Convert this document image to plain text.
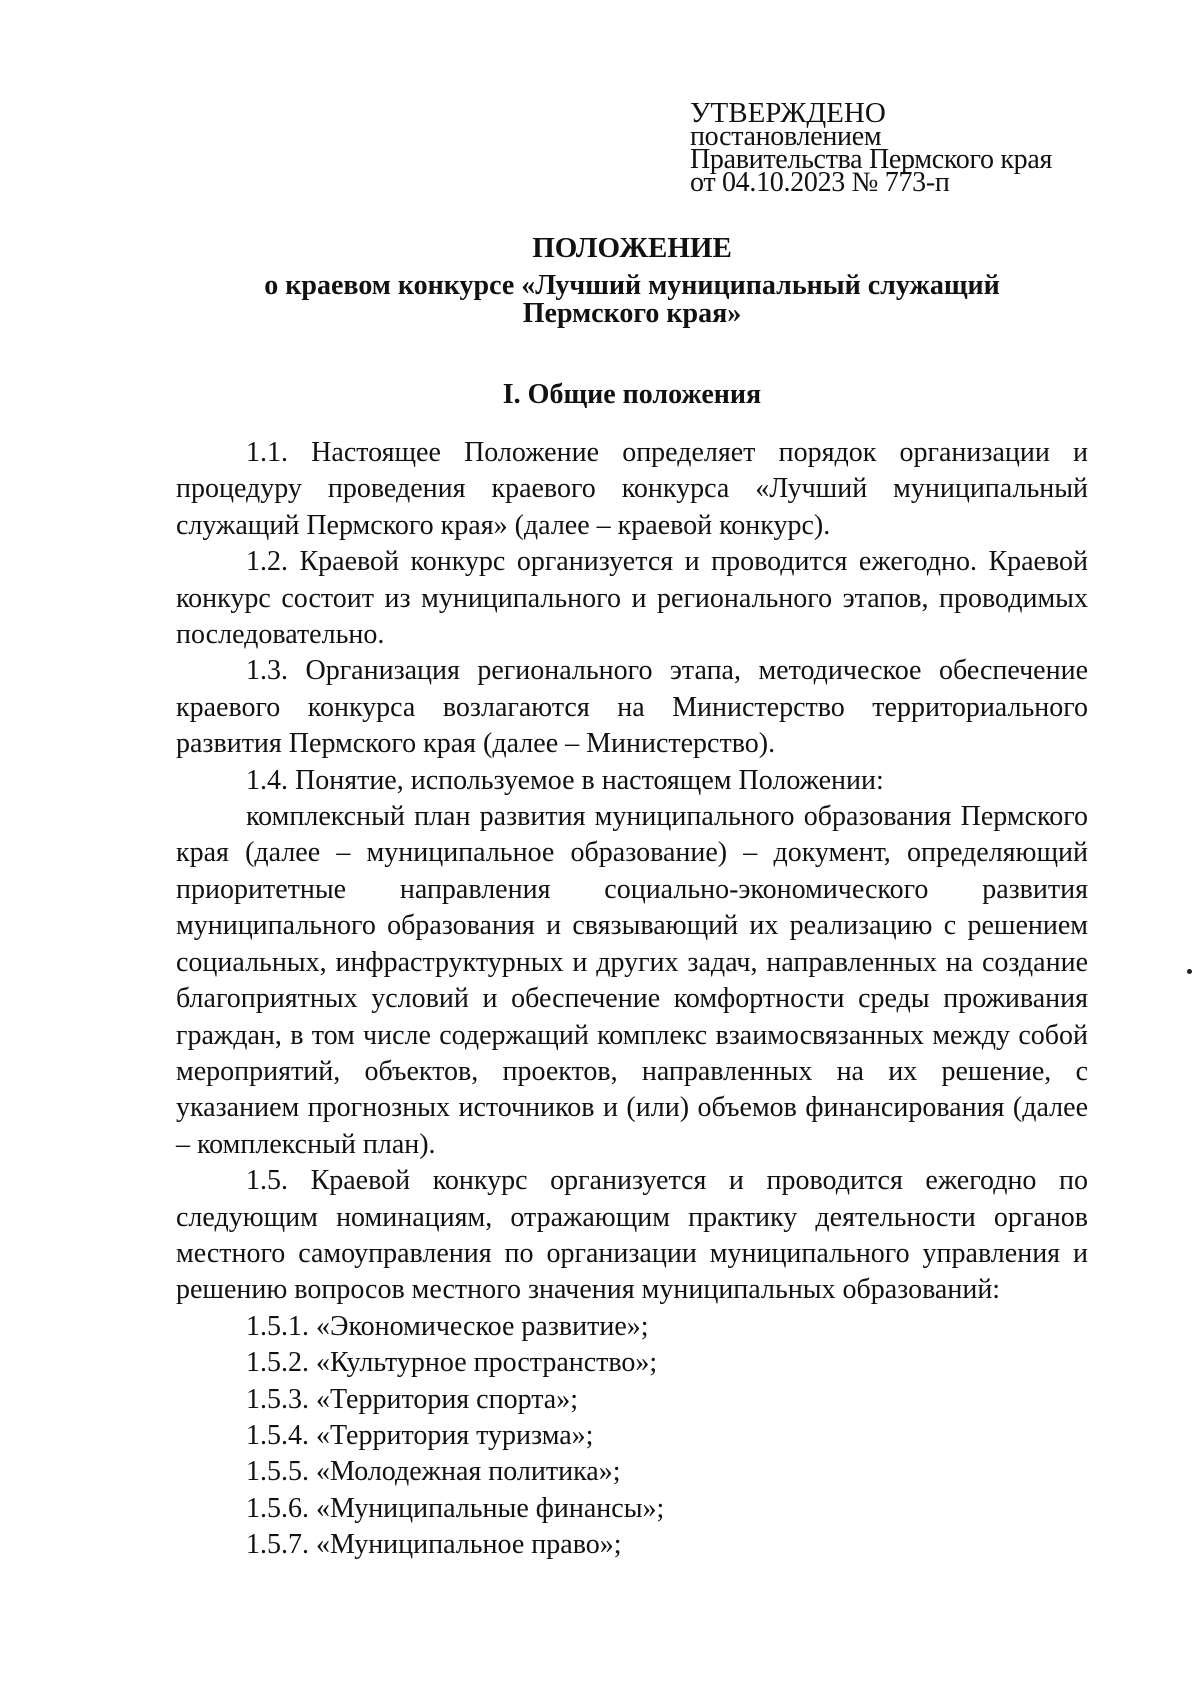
УТВЕРЖДЕНО
постановлением
Правительства Пермского края
от 04.10.2023 № 773-п
ПОЛОЖЕНИЕ
о краевом конкурсе «Лучший муниципальный служащий
Пермского края»
I. Общие положения

1.1. Настоящее Положение определяет порядок организации и процедуру проведения краевого конкурса «Лучший муниципальный служащий Пермского края» (далее – краевой конкурс).

1.2. Краевой конкурс организуется и проводится ежегодно. Краевой конкурс состоит из муниципального и регионального этапов, проводимых последовательно.

1.3. Организация регионального этапа, методическое обеспечение краевого конкурса возлагаются на Министерство территориального развития Пермского края (далее – Министерство).

1.4. Понятие, используемое в настоящем Положении:

комплексный план развития муниципального образования Пермского края (далее – муниципальное образование) – документ, определяющий приоритетные направления социально-экономического развития муниципального образования и связывающий их реализацию с решением социальных, инфраструктурных и других задач, направленных на создание благоприятных условий и обеспечение комфортности среды проживания граждан, в том числе содержащий комплекс взаимосвязанных между собой мероприятий, объектов, проектов, направленных на их решение, с указанием прогнозных источников и (или) объемов финансирования (далее – комплексный план).

1.5. Краевой конкурс организуется и проводится ежегодно по следующим номинациям, отражающим практику деятельности органов местного самоуправления по организации муниципального управления и решению вопросов местного значения муниципальных образований:

1.5.1. «Экономическое развитие»;

1.5.2. «Культурное пространство»;

1.5.3. «Территория спорта»;

1.5.4. «Территория туризма»;

1.5.5. «Молодежная политика»;

1.5.6. «Муниципальные финансы»;

1.5.7. «Муниципальное право»;
